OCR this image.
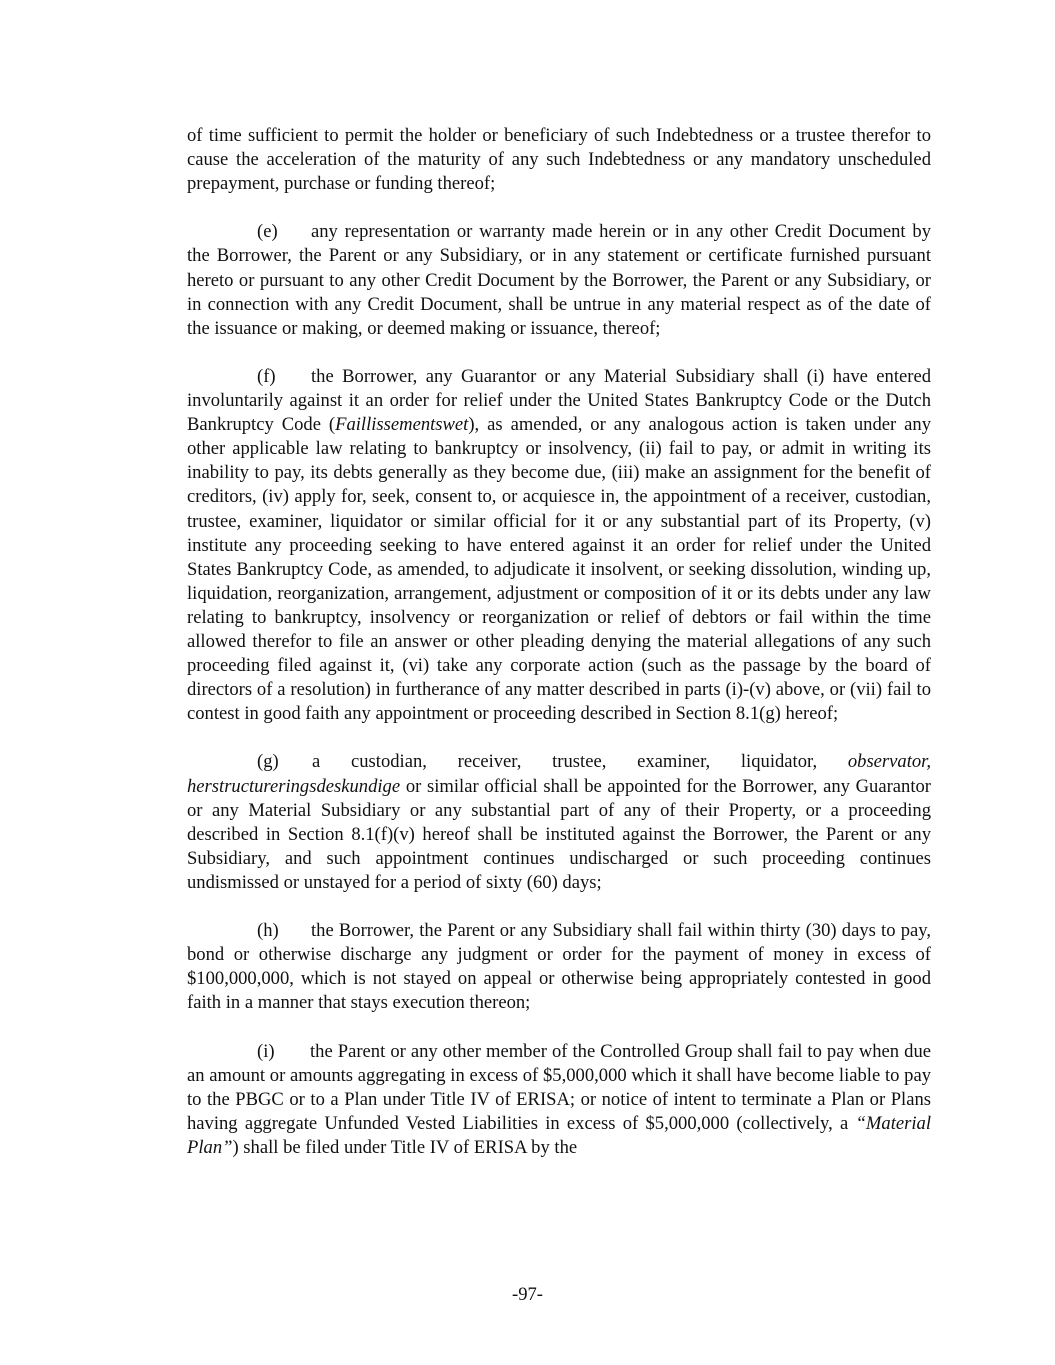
of time sufficient to permit the holder or beneficiary of such Indebtedness or a trustee therefor to cause the acceleration of the maturity of any such Indebtedness or any mandatory unscheduled prepayment, purchase or funding thereof;

(e) any representation or warranty made herein or in any other Credit Document by the Borrower, the Parent or any Subsidiary, or in any statement or certificate furnished pursuant hereto or pursuant to any other Credit Document by the Borrower, the Parent or any Subsidiary, or in connection with any Credit Document, shall be untrue in any material respect as of the date of the issuance or making, or deemed making or issuance, thereof;

(f) the Borrower, any Guarantor or any Material Subsidiary shall (i) have entered involuntarily against it an order for relief under the United States Bankruptcy Code or the Dutch Bankruptcy Code (Faillissementswet), as amended, or any analogous action is taken under any other applicable law relating to bankruptcy or insolvency, (ii) fail to pay, or admit in writing its inability to pay, its debts generally as they become due, (iii) make an assignment for the benefit of creditors, (iv) apply for, seek, consent to, or acquiesce in, the appointment of a receiver, custodian, trustee, examiner, liquidator or similar official for it or any substantial part of its Property, (v) institute any proceeding seeking to have entered against it an order for relief under the United States Bankruptcy Code, as amended, to adjudicate it insolvent, or seeking dissolution, winding up, liquidation, reorganization, arrangement, adjustment or composition of it or its debts under any law relating to bankruptcy, insolvency or reorganization or relief of debtors or fail within the time allowed therefor to file an answer or other pleading denying the material allegations of any such proceeding filed against it, (vi) take any corporate action (such as the passage by the board of directors of a resolution) in furtherance of any matter described in parts (i)-(v) above, or (vii) fail to contest in good faith any appointment or proceeding described in Section 8.1(g) hereof;

(g) a custodian, receiver, trustee, examiner, liquidator, observator, herstructureringsdeskundige or similar official shall be appointed for the Borrower, any Guarantor or any Material Subsidiary or any substantial part of any of their Property, or a proceeding described in Section 8.1(f)(v) hereof shall be instituted against the Borrower, the Parent or any Subsidiary, and such appointment continues undischarged or such proceeding continues undismissed or unstayed for a period of sixty (60) days;

(h) the Borrower, the Parent or any Subsidiary shall fail within thirty (30) days to pay, bond or otherwise discharge any judgment or order for the payment of money in excess of $100,000,000, which is not stayed on appeal or otherwise being appropriately contested in good faith in a manner that stays execution thereon;

(i) the Parent or any other member of the Controlled Group shall fail to pay when due an amount or amounts aggregating in excess of $5,000,000 which it shall have become liable to pay to the PBGC or to a Plan under Title IV of ERISA; or notice of intent to terminate a Plan or Plans having aggregate Unfunded Vested Liabilities in excess of $5,000,000 (collectively, a “Material Plan”) shall be filed under Title IV of ERISA by the

-97-
